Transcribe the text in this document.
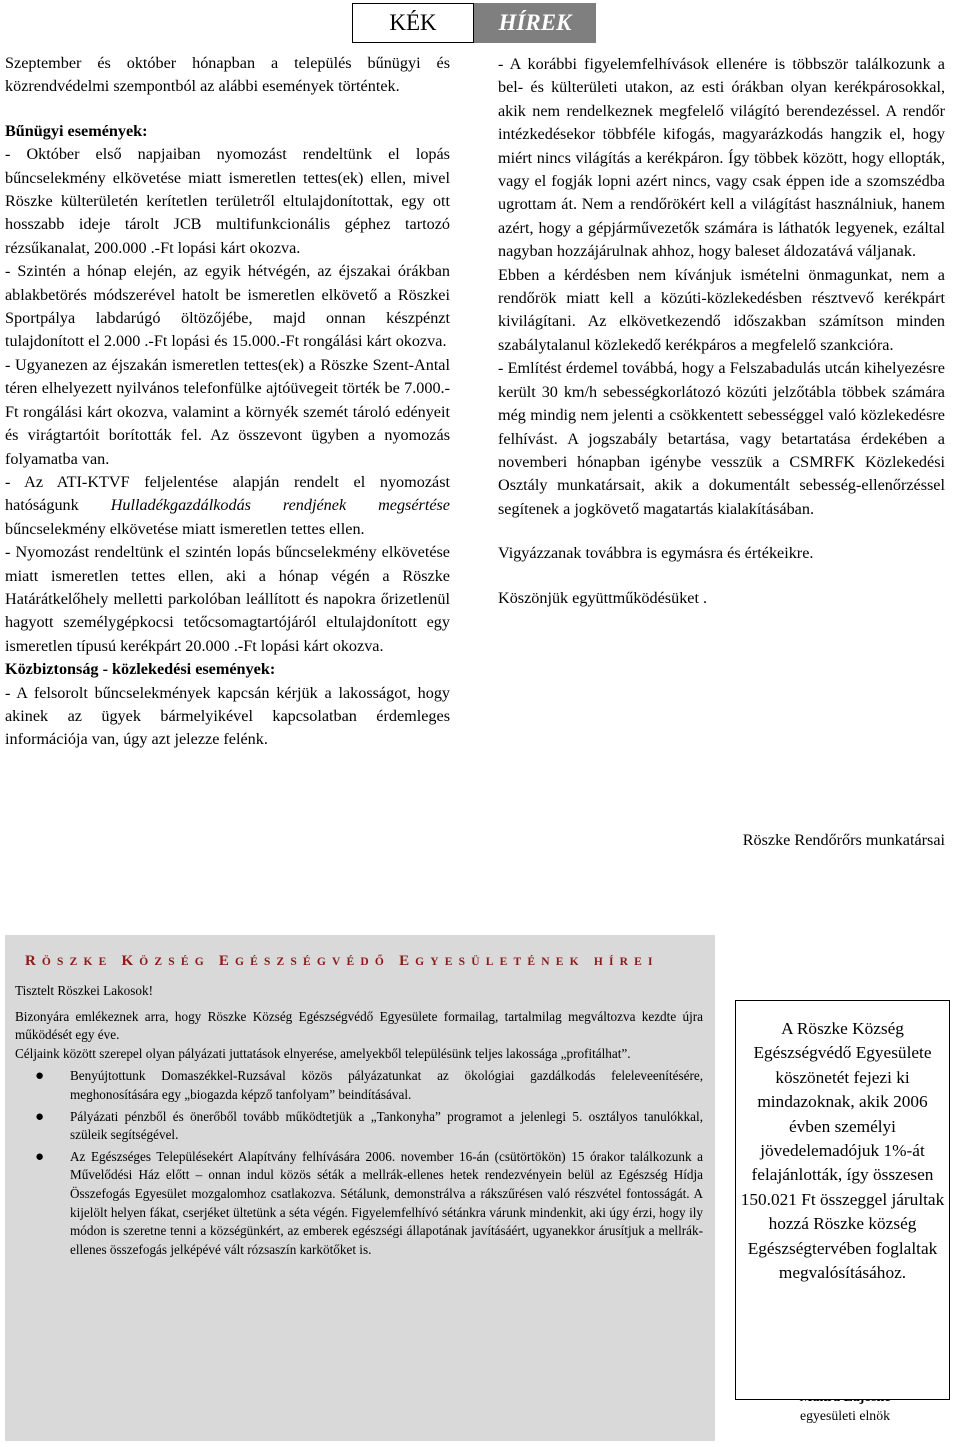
KÉK	HÍREK

Szeptember és október hónapban a település bűnügyi és közrendvédelmi szempontból az alábbi események történtek.

Bűnügyi események:

- Október első napjaiban nyomozást rendeltünk el lopás bűncselekmény elkövetése miatt ismeretlen tettes(ek) ellen, mivel Röszke külterületén kerítetlen területről eltulajdonítottak, egy ott hosszabb ideje tárolt JCB multifunkcionális géphez tartozó rézsűkanalat, 200.000 .-Ft lopási kárt okozva.

- Szintén a hónap elején, az egyik hétvégén, az éjszakai órákban ablakbetörés módszerével hatolt be ismeretlen elkövető a Röszkei Sportpálya labdarúgó öltözőjébe, majd onnan készpénzt tulajdonított el 2.000 .-Ft lopási és 15.000.-Ft rongálási kárt okozva.

- Ugyanezen az éjszakán ismeretlen tettes(ek) a Röszke Szent-Antal téren elhelyezett nyilvános telefonfülke ajtóüvegeit törték be 7.000.-Ft rongálási kárt okozva, valamint a környék szemét tároló edényeit és virágtartóit borították fel. Az összevont ügyben a nyomozás folyamatba van.

- Az ATI-KTVF feljelentése alapján rendelt el nyomozást hatóságunk Hulladékgazdálkodás rendjének megsértése bűncselekmény elkövetése miatt ismeretlen tettes ellen.

- Nyomozást rendeltünk el szintén lopás bűncselekmény elkövetése miatt ismeretlen tettes ellen, aki a hónap végén a Röszke Határátkelőhely melletti parkolóban leállított és napokra őrizetlenül hagyott személygépkocsi tetőcsomagtartójáról eltulajdonított egy ismeretlen típusú kerékpárt 20.000 .-Ft lopási kárt okozva.

Közbiztonság - közlekedési események:

- A felsorolt bűncselekmények kapcsán kérjük a lakosságot, hogy akinek az ügyek bármelyikével kapcsolatban érdemleges információja van, úgy azt jelezze felénk.

- A korábbi figyelemfelhívások ellenére is többször találkozunk a bel- és külterületi utakon, az esti órákban olyan kerékpárosokkal, akik nem rendelkeznek megfelelő világító berendezéssel. A rendőr intézkedésekor többféle kifogás, magyarázkodás hangzik el, hogy miért nincs világítás a kerékpáron. Így többek között, hogy ellopták, vagy el fogják lopni azért nincs, vagy csak éppen ide a szomszédba ugrottam át. Nem a rendőrökért kell a világítást használniuk, hanem azért, hogy a gépjárművezetők számára is láthatók legyenek, ezáltal nagyban hozzájárulnak ahhoz, hogy baleset áldozatává váljanak.

Ebben a kérdésben nem kívánjuk ismételni önmagunkat, nem a rendőrök miatt kell a közúti-közlekedésben résztvevő kerékpárt kivilágítani. Az elkövetkezendő időszakban számítson minden szabálytalanul közlekedő kerékpáros a megfelelő szankcióra.

- Említést érdemel továbbá, hogy a Felszabadulás utcán kihelyezésre került 30 km/h sebességkorlátozó közúti jelzőtábla többek számára még mindig nem jelenti a csökkentett sebességgel való közlekedésre felhívást. A jogszabály betartása, vagy betartatása érdekében a novemberi hónapban igénybe vesszük a CSMRFK Közlekedési Osztály munkatársait, akik a dokumentált sebesség-ellenőrzéssel segítenek a jogkövető magatartás kialakításában.

Vigyázzanak továbbra is egymásra és értékeikre.

Köszönjük együttműködésüket .

Röszke Rendőrőrs munkatársai
RÖSZKE KÖZSÉG EGÉSZSÉGVÉDŐ EGYESÜLETÉNEK HÍREI

Tisztelt Röszkei Lakosok!

Bizonyára emlékeznek arra, hogy Röszke Község Egészségvédő Egyesülete formailag, tartalmilag megváltozva kezdte újra működését egy éve.

Céljaink között szerepel olyan pályázati juttatások elnyerése, amelyekből településünk teljes lakossága „profitálhat”.

● Benyújtottunk Domaszékkel-Ruzsával közös pályázatunkat az ökológiai gazdálkodás feleleveenítésére, meghonosítására egy „biogazda képző tanfolyam” beindításával.
● Pályázati pénzből és önerőből tovább működtetjük a „Tankonyha” programot a jelenlegi 5. osztályos tanulókkal, szüleik segítségével.
● Az Egészséges Településekért Alapítvány felhívására 2006. november 16-án (csütörtökön) 15 órakor találkozunk a Művelődési Ház előtt – onnan indul közös séták a mellrák-ellenes hetek rendezvényein belül az Egészség Hídja Összefogás Egyesület mozgalomhoz csatlakozva. Sétálunk, demonstrálva a rákszűrésen való részvétel fontosságát. A kijelölt helyen fákat, cserjéket ültetünk a séta végén. Figyelemfelhívó sétánkra várunk mindenkit, aki úgy érzi, hogy ily módon is szeretne tenni a községünkért, az emberek egészségi állapotának javításáért, ugyanekkor árusítjuk a mellrák-ellenes összefogás jelképévé vált rózsaszín karkötőket is.
egyesületi elnök
A Röszke Község Egészségvédő Egyesülete köszönetét fejezi ki mindazoknak, akik 2006 évben személyi jövedelemadójuk 1%-át felajánlották, így összesen 150.021 Ft összeggel járultak hozzá Röszke község Egészségtervében foglaltak megvalósításához.
